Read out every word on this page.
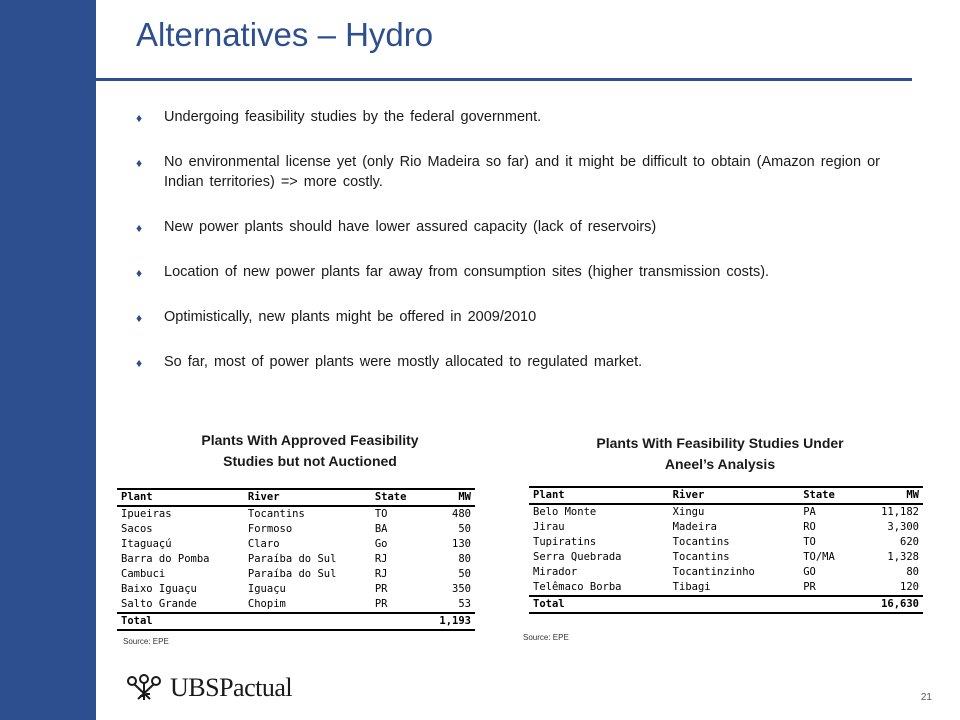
Alternatives – Hydro
♦ Undergoing feasibility studies by the federal government.
♦ No environmental license yet (only Rio Madeira so far) and it might be difficult to obtain (Amazon region or Indian territories) => more costly.
♦ New power plants should have lower assured capacity (lack of reservoirs)
♦ Location of new power plants far away from consumption sites (higher transmission costs).
♦ Optimistically, new plants might be offered in 2009/2010
♦ So far, most of power plants were mostly allocated to regulated market.
Plants With Approved Feasibility
Studies but not Auctioned
Plants With Feasibility Studies Under
Aneel’s Analysis
Plant	River	State	MW
Ipueiras	Tocantins	TO	480
Sacos	Formoso	BA	50
Itaguaçú	Claro	Go	130
Barra do Pomba	Paraíba do Sul	RJ	80
Cambuci	Paraíba do Sul	RJ	50
Baixo Iguaçu	Iguaçu	PR	350
Salto Grande	Chopim	PR	53
Total			1,193
Plant	River	State	MW
Belo Monte	Xingu	PA	11,182
Jirau	Madeira	RO	3,300
Tupiratins	Tocantins	TO	620
Serra Quebrada	Tocantins	TO/MA	1,328
Mirador	Tocantinzinho	GO	80
Telêmaco Borba	Tibagi	PR	120
Total			16,630
Source: EPE	Source: EPE
UBSPactual	21
